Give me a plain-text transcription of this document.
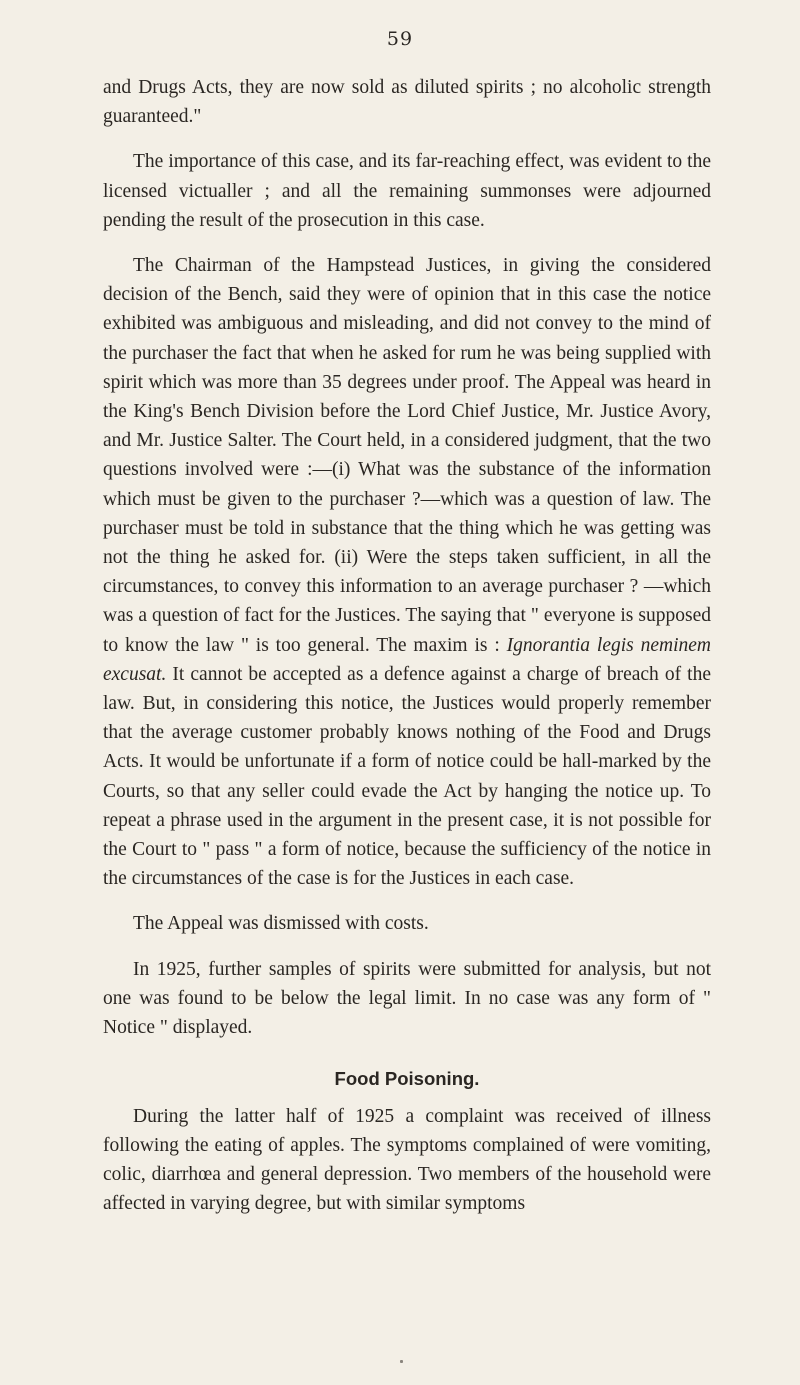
59

and Drugs Acts, they are now sold as diluted spirits ; no alcoholic strength guaranteed."

The importance of this case, and its far-reaching effect, was evident to the licensed victualler ; and all the remaining summonses were adjourned pending the result of the prosecution in this case.

The Chairman of the Hampstead Justices, in giving the considered decision of the Bench, said they were of opinion that in this case the notice exhibited was ambiguous and misleading, and did not convey to the mind of the purchaser the fact that when he asked for rum he was being supplied with spirit which was more than 35 degrees under proof. The Appeal was heard in the King's Bench Division before the Lord Chief Justice, Mr. Justice Avory, and Mr. Justice Salter. The Court held, in a considered judgment, that the two questions involved were :—(i) What was the substance of the information which must be given to the purchaser ?—which was a question of law. The purchaser must be told in substance that the thing which he was getting was not the thing he asked for. (ii) Were the steps taken sufficient, in all the circumstances, to convey this information to an average purchaser ? —which was a question of fact for the Justices. The saying that " everyone is supposed to know the law " is too general. The maxim is : Ignorantia legis neminem excusat. It cannot be accepted as a defence against a charge of breach of the law. But, in considering this notice, the Justices would properly remember that the average customer probably knows nothing of the Food and Drugs Acts. It would be unfortunate if a form of notice could be hall-marked by the Courts, so that any seller could evade the Act by hanging the notice up. To repeat a phrase used in the argument in the present case, it is not possible for the Court to " pass " a form of notice, because the sufficiency of the notice in the circumstances of the case is for the Justices in each case.

The Appeal was dismissed with costs.

In 1925, further samples of spirits were submitted for analysis, but not one was found to be below the legal limit. In no case was any form of " Notice " displayed.

Food Poisoning.

During the latter half of 1925 a complaint was received of illness following the eating of apples. The symptoms complained of were vomiting, colic, diarrhœa and general depression. Two members of the household were affected in varying degree, but with similar symptoms
